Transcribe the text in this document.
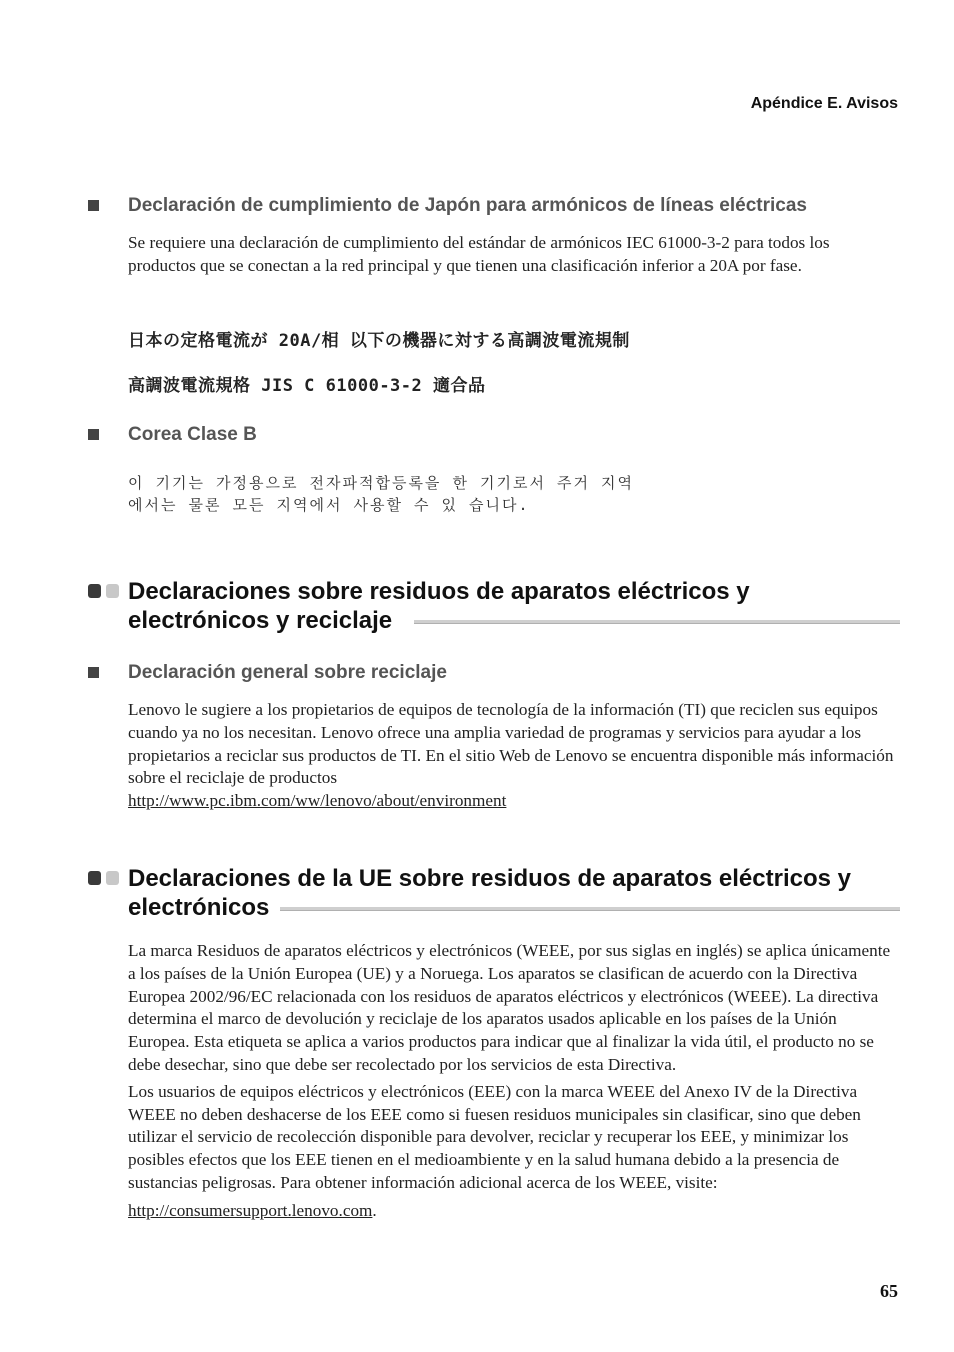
Apéndice E. Avisos
Declaración de cumplimiento de Japón para armónicos de líneas eléctricas

Se requiere una declaración de cumplimiento del estándar de armónicos IEC 61000-3-2 para todos los productos que se conectan a la red principal y que tienen una clasificación inferior a 20A por fase.

日本の定格電流が 20A/相 以下の機器に対する高調波電流規制
高調波電流規格 JIS C 61000-3-2 適合品
Corea Clase B
이 기기는 가정용으로 전자파적합등록을 한 기기로서 주거 지역
에서는 물론 모든 지역에서 사용할 수 있 습니다.
Declaraciones sobre residuos de aparatos eléctricos y
electrónicos y reciclaje
Declaración general sobre reciclaje

Lenovo le sugiere a los propietarios de equipos de tecnología de la información (TI) que reciclen sus equipos cuando ya no los necesitan. Lenovo ofrece una amplia variedad de programas y servicios para ayudar a los propietarios a reciclar sus productos de TI. En el sitio Web de Lenovo se encuentra disponible más información sobre el reciclaje de productos
http://www.pc.ibm.com/ww/lenovo/about/environment

Declaraciones de la UE sobre residuos de aparatos eléctricos y
electrónicos

La marca Residuos de aparatos eléctricos y electrónicos (WEEE, por sus siglas en inglés) se aplica únicamente a los países de la Unión Europea (UE) y a Noruega. Los aparatos se clasifican de acuerdo con la Directiva Europea 2002/96/EC relacionada con los residuos de aparatos eléctricos y electrónicos (WEEE). La directiva determina el marco de devolución y reciclaje de los aparatos usados aplicable en los países de la Unión Europea. Esta etiqueta se aplica a varios productos para indicar que al finalizar la vida útil, el producto no se debe desechar, sino que debe ser recolectado por los servicios de esta Directiva.

Los usuarios de equipos eléctricos y electrónicos (EEE) con la marca WEEE del Anexo IV de la Directiva WEEE no deben deshacerse de los EEE como si fuesen residuos municipales sin clasificar, sino que deben utilizar el servicio de recolección disponible para devolver, reciclar y recuperar los EEE, y minimizar los posibles efectos que los EEE tienen en el medioambiente y en la salud humana debido a la presencia de sustancias peligrosas. Para obtener información adicional acerca de los WEEE, visite:

http://consumersupport.lenovo.com.

65
